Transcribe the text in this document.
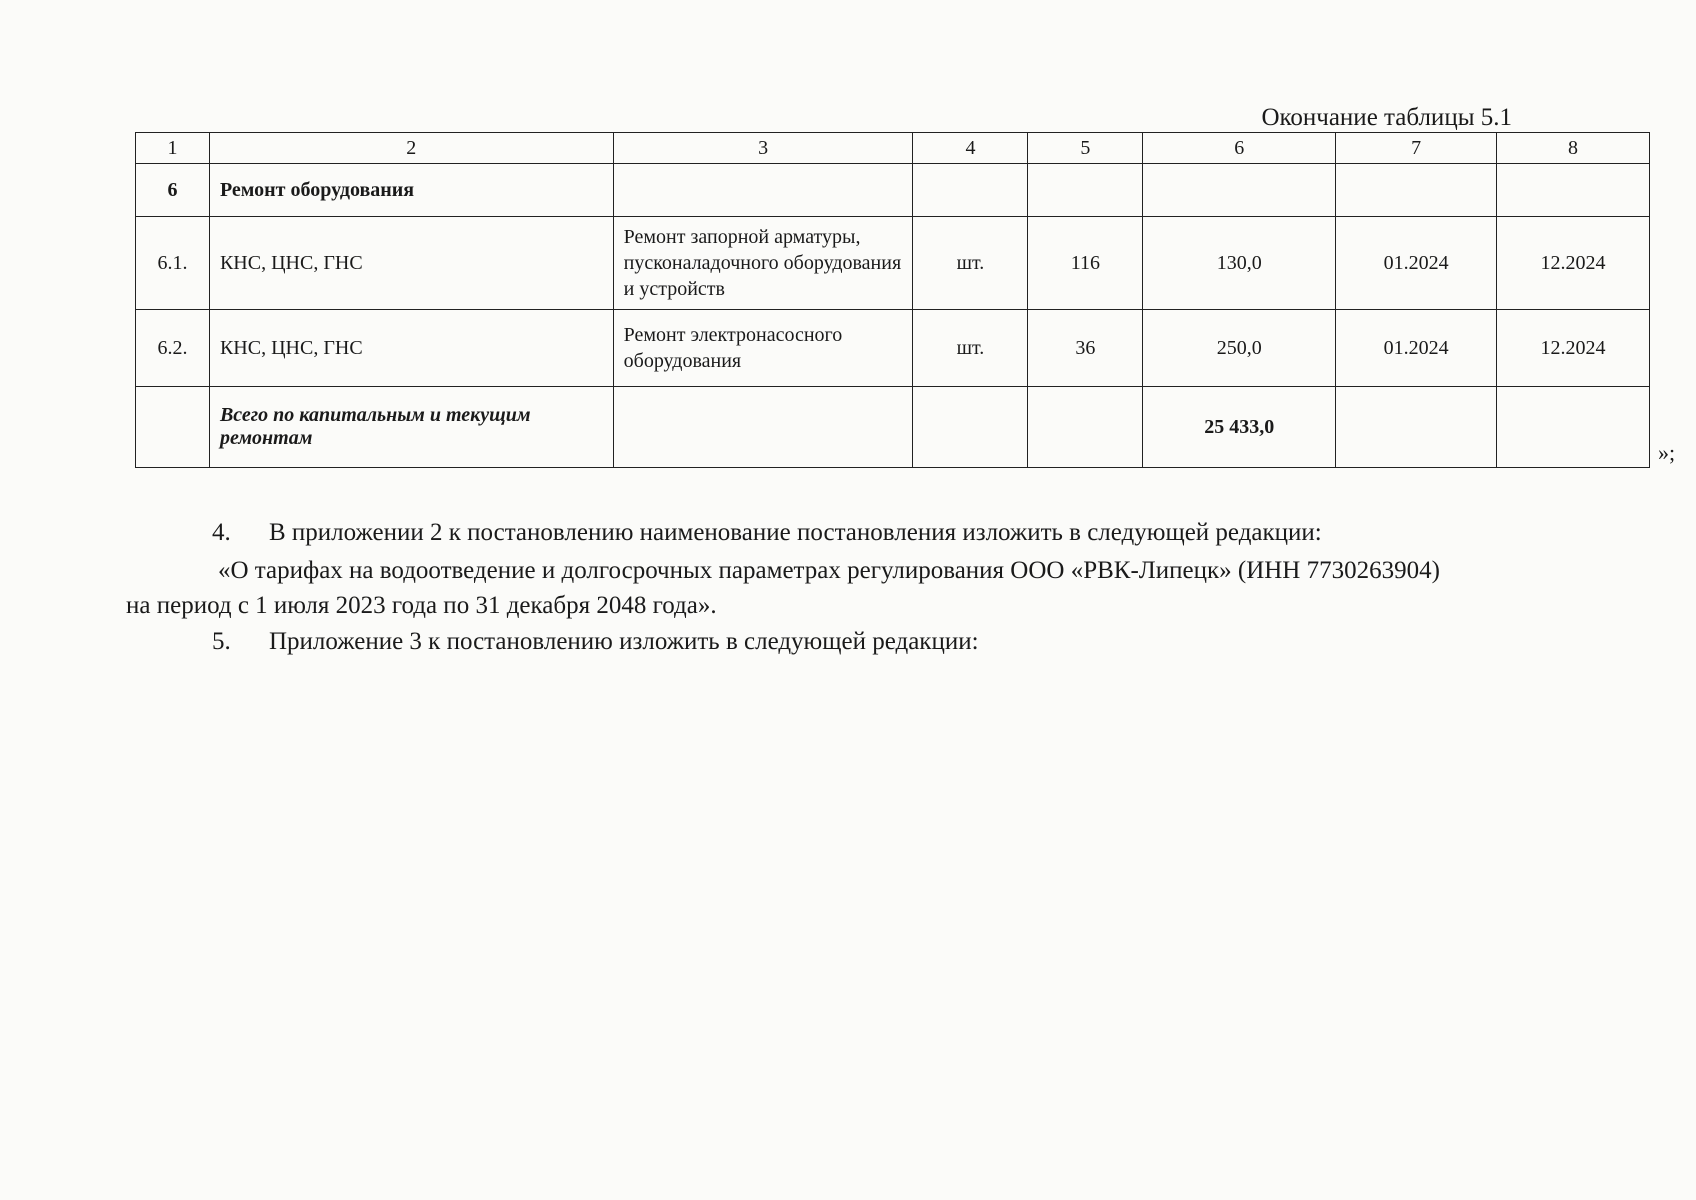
Окончание таблицы 5.1
1	2	3	4	5	6	7	8
6	Ремонт оборудования						
6.1.	КНС, ЦНС, ГНС	Ремонт запорной арматуры, пусконаладочного оборудования и устройств	шт.	116	130,0	01.2024	12.2024
6.2.	КНС, ЦНС, ГНС	Ремонт электронасосного оборудования	шт.	36	250,0	01.2024	12.2024
	Всего по капитальным и текущим ремонтам				25 433,0		
»;
4. В приложении 2 к постановлению наименование постановления изложить в следующей редакции:
«О тарифах на водоотведение и долгосрочных параметрах регулирования ООО «РВК-Липецк» (ИНН 7730263904)
на период с 1 июля 2023 года по 31 декабря 2048 года».
5. Приложение 3 к постановлению изложить в следующей редакции:
